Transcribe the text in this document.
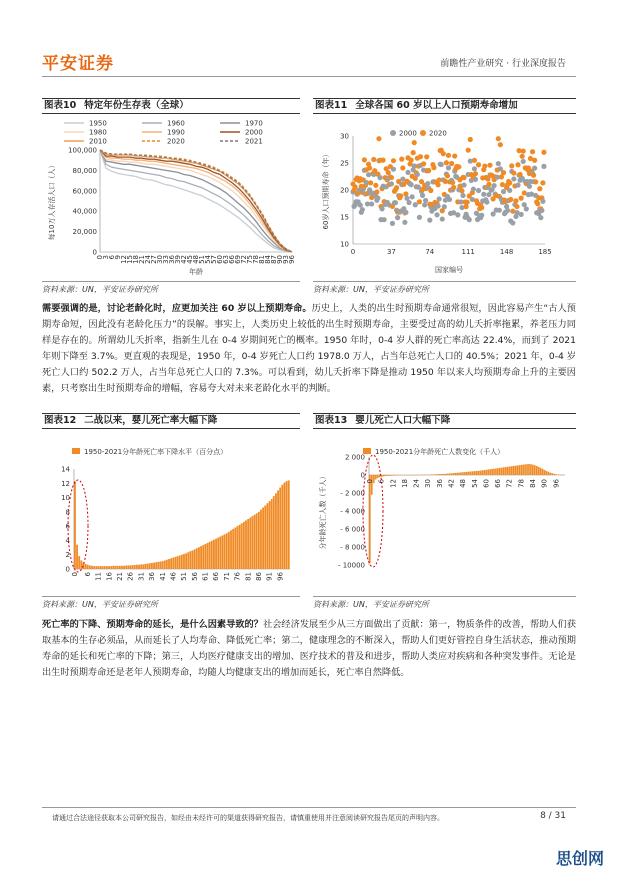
平安证券	前瞻性产业研究 · 行业深度报告
图表10 特定年份生存表（全球）
1950	1960	1970
1980	1990	2000
2010	2020	2021
0
20,000
40,000
60,000
80,000
100,000
0
3
6
9
12
15
18
21
24
27
30
33
36
39
42
45
48
51
54
57
60
63
66
69
72
75
78
81
84
87
90
93
96
年龄
每10万人存活人口（人）
资料来源：UN，平安证券研究所
图表11 全球各国 60 岁以上人口预期寿命增加
2000 2020
10
15
20
25
30
0	37	74	111	148	185
国家编号
60岁人口预期寿命（年）
资料来源：UN，平安证券研究所
需要强调的是，讨论老龄化时，应更加关注 60 岁以上预期寿命。历史上，人类的出生时预期寿命通常很短，因此容易产生“古人预期寿命短，因此没有老龄化压力”的误解。事实上，人类历史上较低的出生时预期寿命，主要受过高的幼儿夭折率拖累，养老压力同样是存在的。所谓幼儿夭折率，指新生儿在 0-4 岁期间死亡的概率。1950 年时，0-4 岁人群的死亡率高达 22.4%，而到了 2021 年则下降至 3.7%。更直观的表现是，1950 年，0-4 岁死亡人口约 1978.0 万人，占当年总死亡人口的 40.5%；2021 年，0-4 岁死亡人口约 502.2 万人，占当年总死亡人口的 7.3%。可以看到，幼儿夭折率下降是推动 1950 年以来人均预期寿命上升的主要因素，只考察出生时预期寿命的增幅，容易夸大对未来老龄化水平的判断。
图表12 二战以来，婴儿死亡率大幅下降
1950-2021分年龄死亡率下降水平（百分点）
0
2
4
6
8
10
12
14
0 6 11 16 21 26 31 36 41 46 51 56 61 66 71 76 81 86 91 96
资料来源：UN，平安证券研究所
图表13 婴儿死亡人口大幅下降
1950-2021分年龄死亡人数变化（千人）
- 10000
- 8 000
- 6 000
- 4 000
- 2 000
0
2 000
0 6 12 18 24 30 36 42 48 54 60 66 72 78 84 90 96
分年龄死亡人数（千人）
资料来源：UN，平安证券研究所
死亡率的下降、预期寿命的延长，是什么因素导致的？社会经济发展至少从三方面做出了贡献：第一，物质条件的改善，帮助人们获取基本的生存必须品，从而延长了人均寿命、降低死亡率；第二，健康理念的不断深入，帮助人们更好管控自身生活状态，推动预期寿命的延长和死亡率的下降；第三，人均医疗健康支出的增加、医疗技术的普及和进步，帮助人类应对疾病和各种突发事件。无论是出生时预期寿命还是老年人预期寿命，均随人均健康支出的增加而延长，死亡率自然降低。
请通过合法途径获取本公司研究报告，如经由未经许可的渠道获得研究报告，请慎重使用并注意阅读研究报告尾页的声明内容。	8 / 31
思创网
